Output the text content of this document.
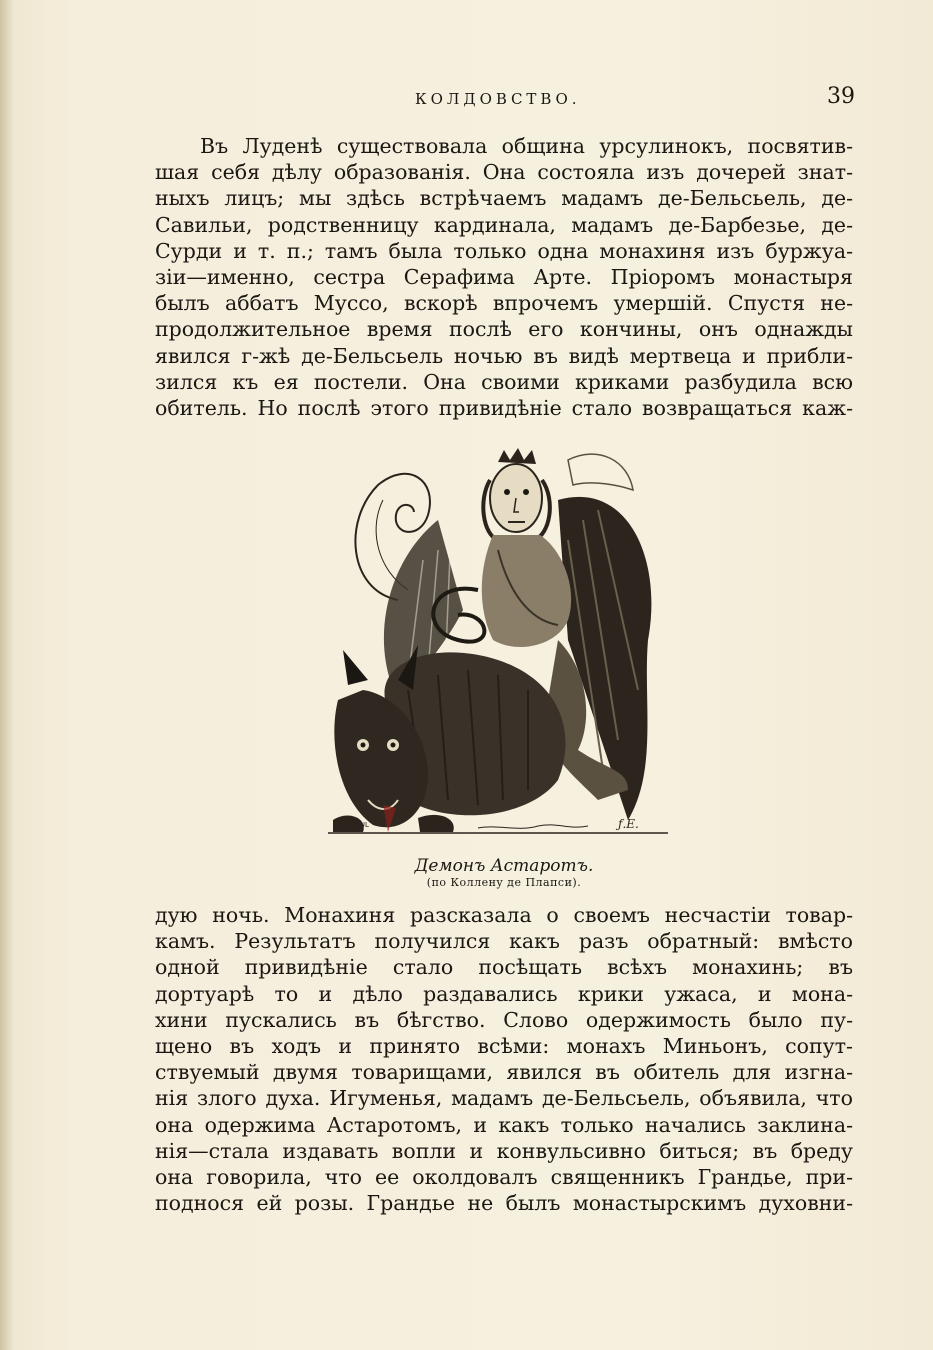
КОЛДОВСТВО.	39
Въ Луденѣ существовала община урсулинокъ, посвятив-
шая себя дѣлу образованія. Она состояла изъ дочерей знат-
ныхъ лицъ; мы здѣсь встрѣчаемъ мадамъ де-Бельсьель, де-
Савильи, родственницу кардинала, мадамъ де-Барбезье, де-
Сурди и т. п.; тамъ была только одна монахиня изъ буржуа-
зіи—именно, сестра Серафима Арте. Пріоромъ монастыря
былъ аббатъ Муссо, вскорѣ впрочемъ умершій. Спустя не-
продолжительное время послѣ его кончины, онъ однажды
явился г-жѣ де-Бельсьель ночью въ видѣ мертвеца и прибли-
зился къ ея постели. Она своими криками разбудила всю
обитель. Но послѣ этого привидѣніе стало возвращаться каж-
JATTEAUL	ƒ.E.
Демонъ Астаротъ.
(по Колленy де Плапси).
дую ночь. Монахиня разсказала о своемъ несчастіи товар-
камъ. Результатъ получился какъ разъ обратный: вмѣсто
одной привидѣніе стало посѣщать всѣхъ монахинь; въ
дортуарѣ то и дѣло раздавались крики ужаса, и мона-
хини пускались въ бѣгство. Слово одержимость было пу-
щено въ ходъ и принято всѣми: монахъ Миньонъ, сопут-
ствуемый двумя товарищами, явился въ обитель для изгна-
нія злого духа. Игуменья, мадамъ де-Бельсьель, объявила, что
она одержима Астаротомъ, и какъ только начались заклина-
нія—стала издавать вопли и конвульсивно биться; въ бреду
она говорила, что ее околдовалъ священникъ Грандье, при-
поднося ей розы. Грандье не былъ монастырскимъ духовни-
